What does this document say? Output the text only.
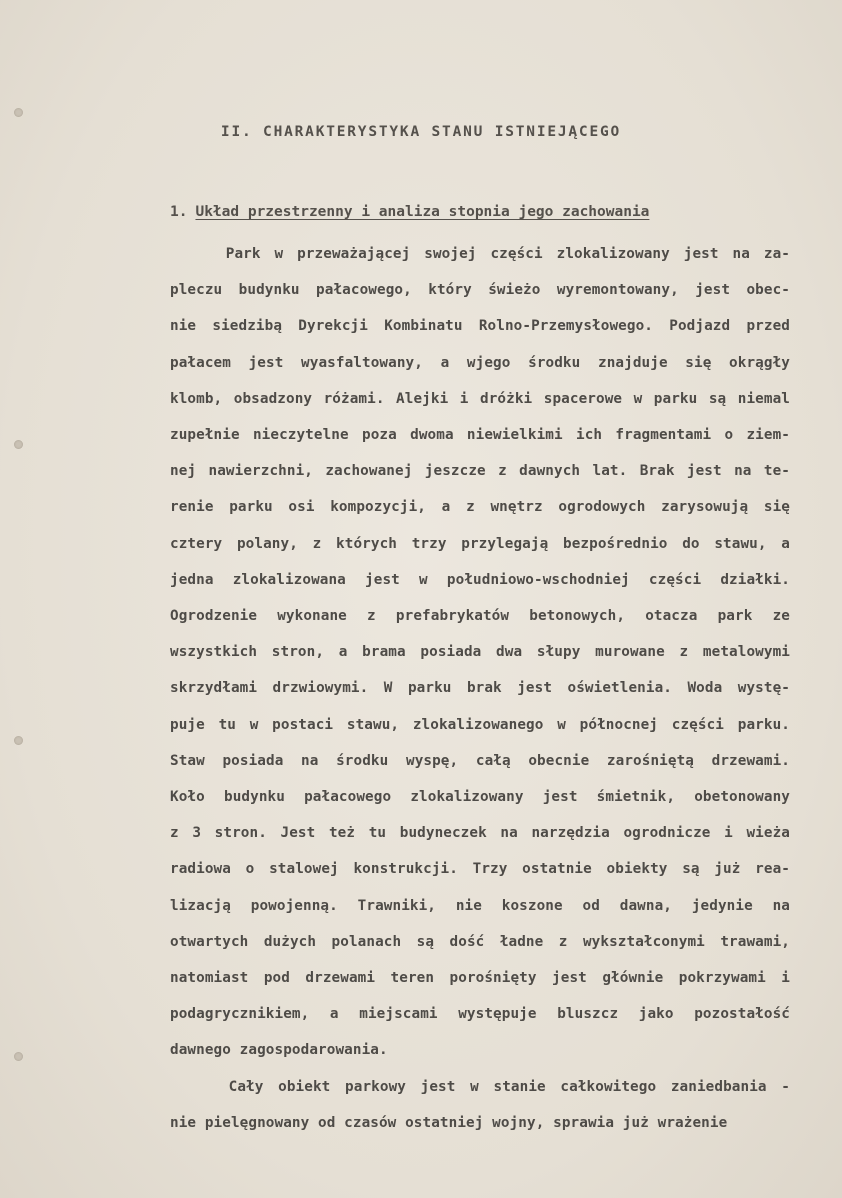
II. CHARAKTERYSTYKA STANU ISTNIEJĄCEGO
1. Układ przestrzenny i analiza stopnia jego zachowania
Park w przeważającej swojej części zlokalizowany jest na za-
pleczu budynku pałacowego, który świeżo wyremontowany, jest obec-
nie siedzibą Dyrekcji Kombinatu Rolno-Przemysłowego. Podjazd przed
pałacem jest wyasfaltowany, a wjego środku znajduje się okrągły
klomb, obsadzony różami. Alejki i dróżki spacerowe w parku są niemal
zupełnie nieczytelne poza dwoma niewielkimi ich fragmentami o ziem-
nej nawierzchni, zachowanej jeszcze z dawnych lat. Brak jest na te-
renie parku osi kompozycji, a z wnętrz ogrodowych zarysowują się
cztery polany, z których trzy przylegają bezpośrednio do stawu, a
jedna zlokalizowana jest w południowo-wschodniej części działki.
Ogrodzenie wykonane z prefabrykatów betonowych, otacza park ze
wszystkich stron, a brama posiada dwa słupy murowane z metalowymi
skrzydłami drzwiowymi. W parku brak jest oświetlenia. Woda wystę-
puje tu w postaci stawu, zlokalizowanego w północnej części parku.
Staw posiada na środku wyspę, całą obecnie zarośniętą drzewami.
Koło budynku pałacowego zlokalizowany jest śmietnik, obetonowany
z 3 stron. Jest też tu budyneczek na narzędzia ogrodnicze i wieża
radiowa o stalowej konstrukcji. Trzy ostatnie obiekty są już rea-
lizacją powojenną. Trawniki, nie koszone od dawna, jedynie na
otwartych dużych polanach są dość ładne z wykształconymi trawami,
natomiast pod drzewami teren porośnięty jest głównie pokrzywami i
podagrycznikiem, a miejscami występuje bluszcz jako pozostałość
dawnego zagospodarowania.
Cały obiekt parkowy jest w stanie całkowitego zaniedbania -
nie pielęgnowany od czasów ostatniej wojny, sprawia już wrażenie
